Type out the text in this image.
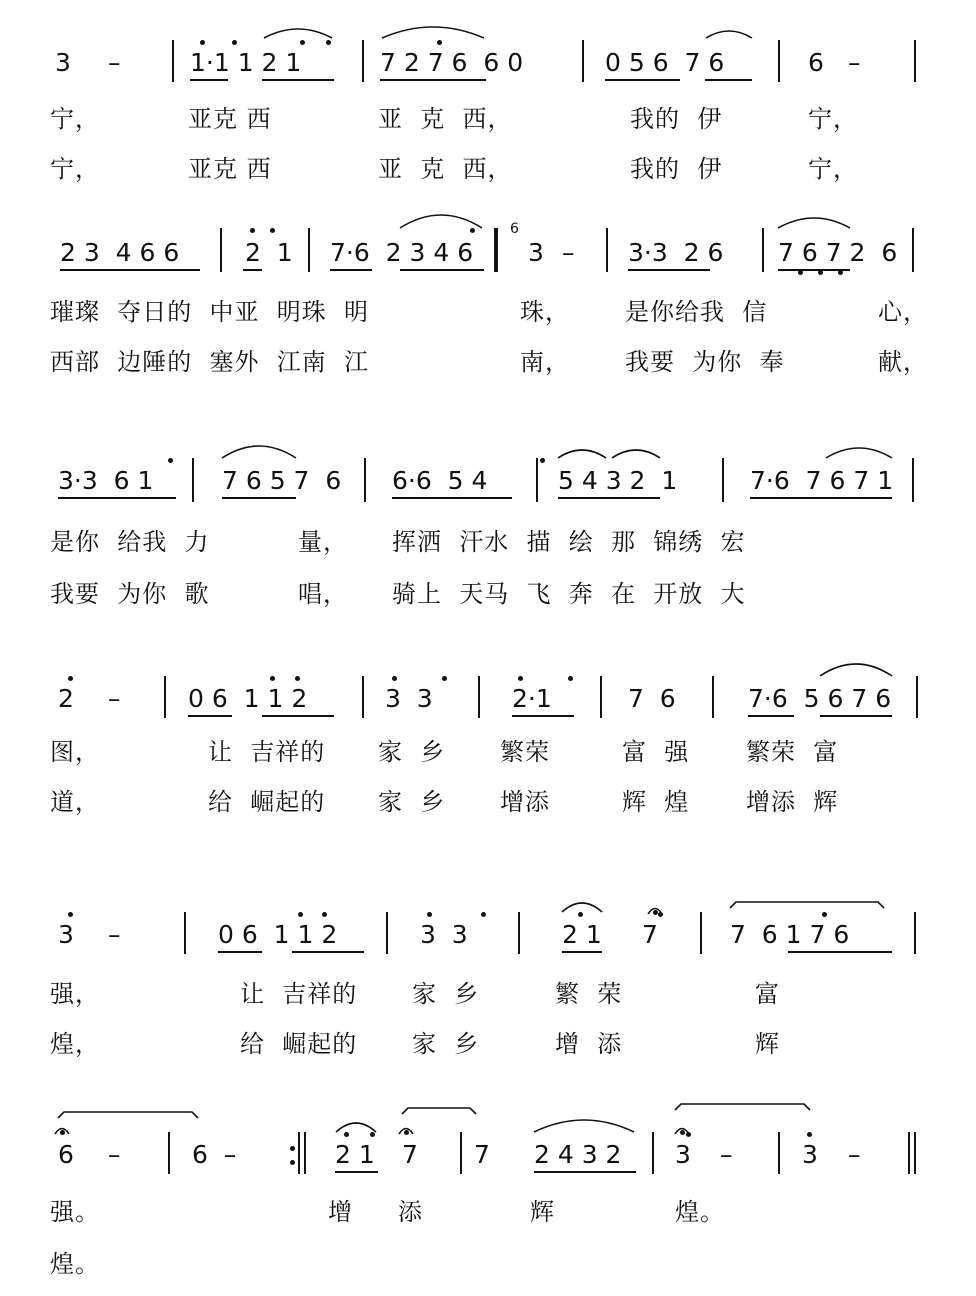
3 –	1·1 1 2 1	7 2 7 6  6 0	0 5 6  7 6	6 –
宁，	亚克 西	亚  克  西，	我的  伊	宁，
宁，	亚克 西	亚  克  西，	我的  伊	宁，
2 3  4 6 6	2  1 7·6  2 3 4 6 3 – 3·3  2 6 7 6 7 2  6
璀璨  夺日的  中亚  明珠  明	珠， 是你给我  信	心，
西部  边陲的  塞外  江南  江	南， 我要  为你  奉	献，
3·3  6 1	7 6 5 7  6 6·6  5 4	5 4 3 2  1	7·6  7 6 7 1
是你  给我  力	量， 挥洒  汗水  描  绘  那  锦绣  宏
我要  为你  歌	唱， 骑上  天马  飞  奔  在  开放  大
2 –	0 6  1 1 2	3  3	2·1	7  6	7·6  5 6 7 6
图，	让  吉祥的 家  乡 繁荣	富  强 繁荣  富
道，	给  崛起的 家  乡 增添	辉  煌 增添  辉
3 –	0 6  1 1 2	3  3	2 1 7	7  6 1 7 6
强，	让  吉祥的 家  乡	繁  荣	富
煌，	给  崛起的 家  乡	增  添	辉
6 –	6  –	2 1 7 7 2 4 3 2 3 –	3 –
强。	增 添	辉	煌。
煌。
6
